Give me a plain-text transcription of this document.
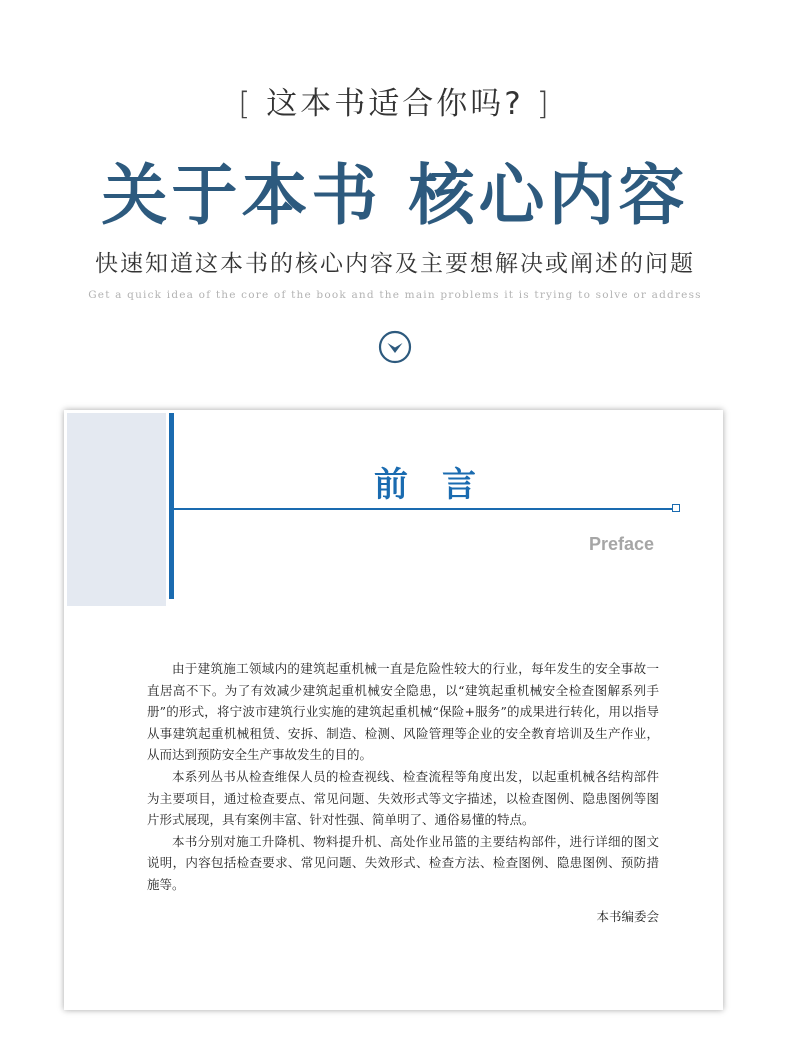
[ 这本书适合你吗? ]
关于本书 核心内容
快速知道这本书的核心内容及主要想解决或阐述的问题
Get a quick idea of the core of the book and the main problems it is trying to solve or address
前言
Preface

由于建筑施工领域内的建筑起重机械一直是危险性较大的行业，每年发生的安全事故一直居高不下。为了有效减少建筑起重机械安全隐患，以“建筑起重机械安全检查图解系列手册”的形式，将宁波市建筑行业实施的建筑起重机械“保险+服务”的成果进行转化，用以指导从事建筑起重机械租赁、安拆、制造、检测、风险管理等企业的安全教育培训及生产作业，从而达到预防安全生产事故发生的目的。

本系列丛书从检查维保人员的检查视线、检查流程等角度出发，以起重机械各结构部件为主要项目，通过检查要点、常见问题、失效形式等文字描述，以检查图例、隐患图例等图片形式展现，具有案例丰富、针对性强、简单明了、通俗易懂的特点。

本书分别对施工升降机、物料提升机、高处作业吊篮的主要结构部件，进行详细的图文说明，内容包括检查要求、常见问题、失效形式、检查方法、检查图例、隐患图例、预防措施等。

本书编委会
